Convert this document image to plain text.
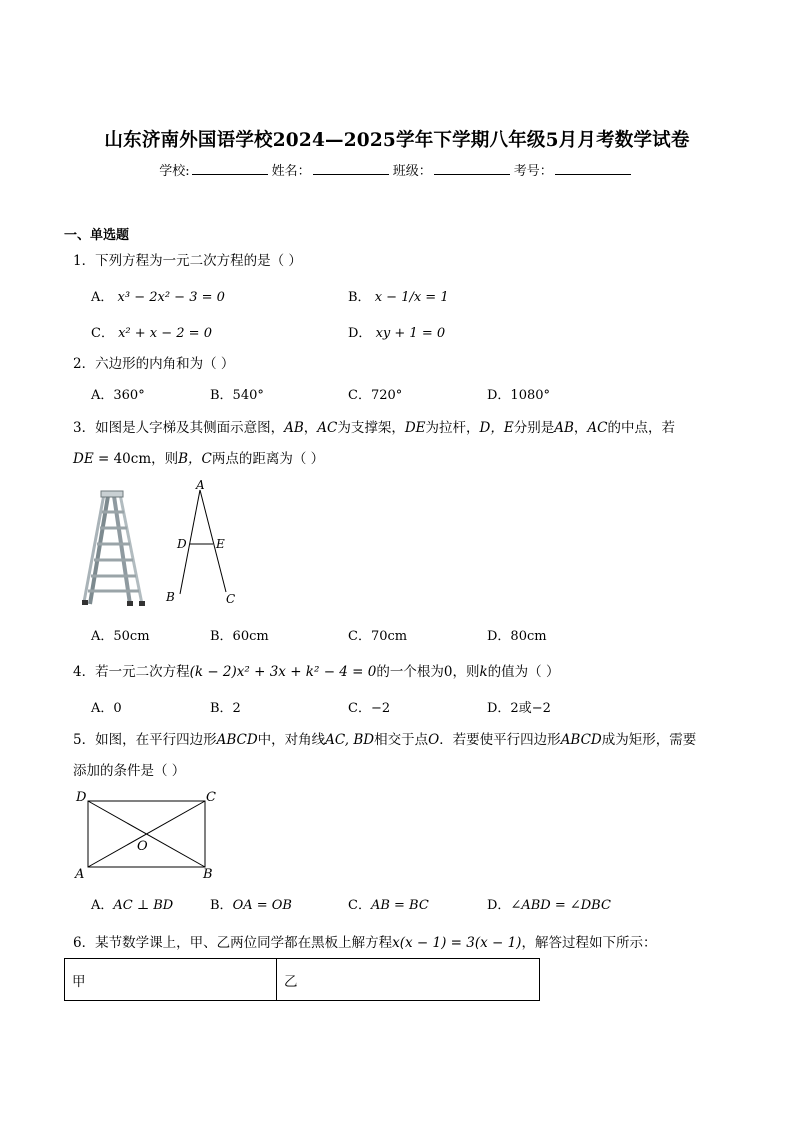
山东济南外国语学校2024—2025学年下学期八年级5月月考数学试卷
学校:	姓名：	班级：	考号：
一、单选题
1．下列方程为一元二次方程的是（ ）
A． x³ − 2x² − 3 = 0	B． x − 1/x = 1
C． x² + x − 2 = 0	D． xy + 1 = 0
2．六边形的内角和为（ ）
A．360°	B．540°	C．720°	D．1080°
3．如图是人字梯及其侧面示意图，AB，AC为支撑架，DE为拉杆，D，E分别是AB，AC的中点，若
DE = 40cm，则B，C两点的距离为（ ）
A
D E
B	C
A．50cm	B．60cm	C．70cm	D．80cm
4．若一元二次方程(k − 2)x² + 3x + k² − 4 = 0的一个根为0，则k的值为（ ）
A．0	B．2	C．−2	D．2或−2
5．如图，在平行四边形ABCD中，对角线AC, BD相交于点O．若要使平行四边形ABCD成为矩形，需要
添加的条件是（ ）
D	C
O
A	B
A．AC ⊥ BD	B．OA = OB	C．AB = BC	D．∠ABD = ∠DBC
6．某节数学课上，甲、乙两位同学都在黑板上解方程x(x − 1) = 3(x − 1)，解答过程如下所示：
甲	乙
